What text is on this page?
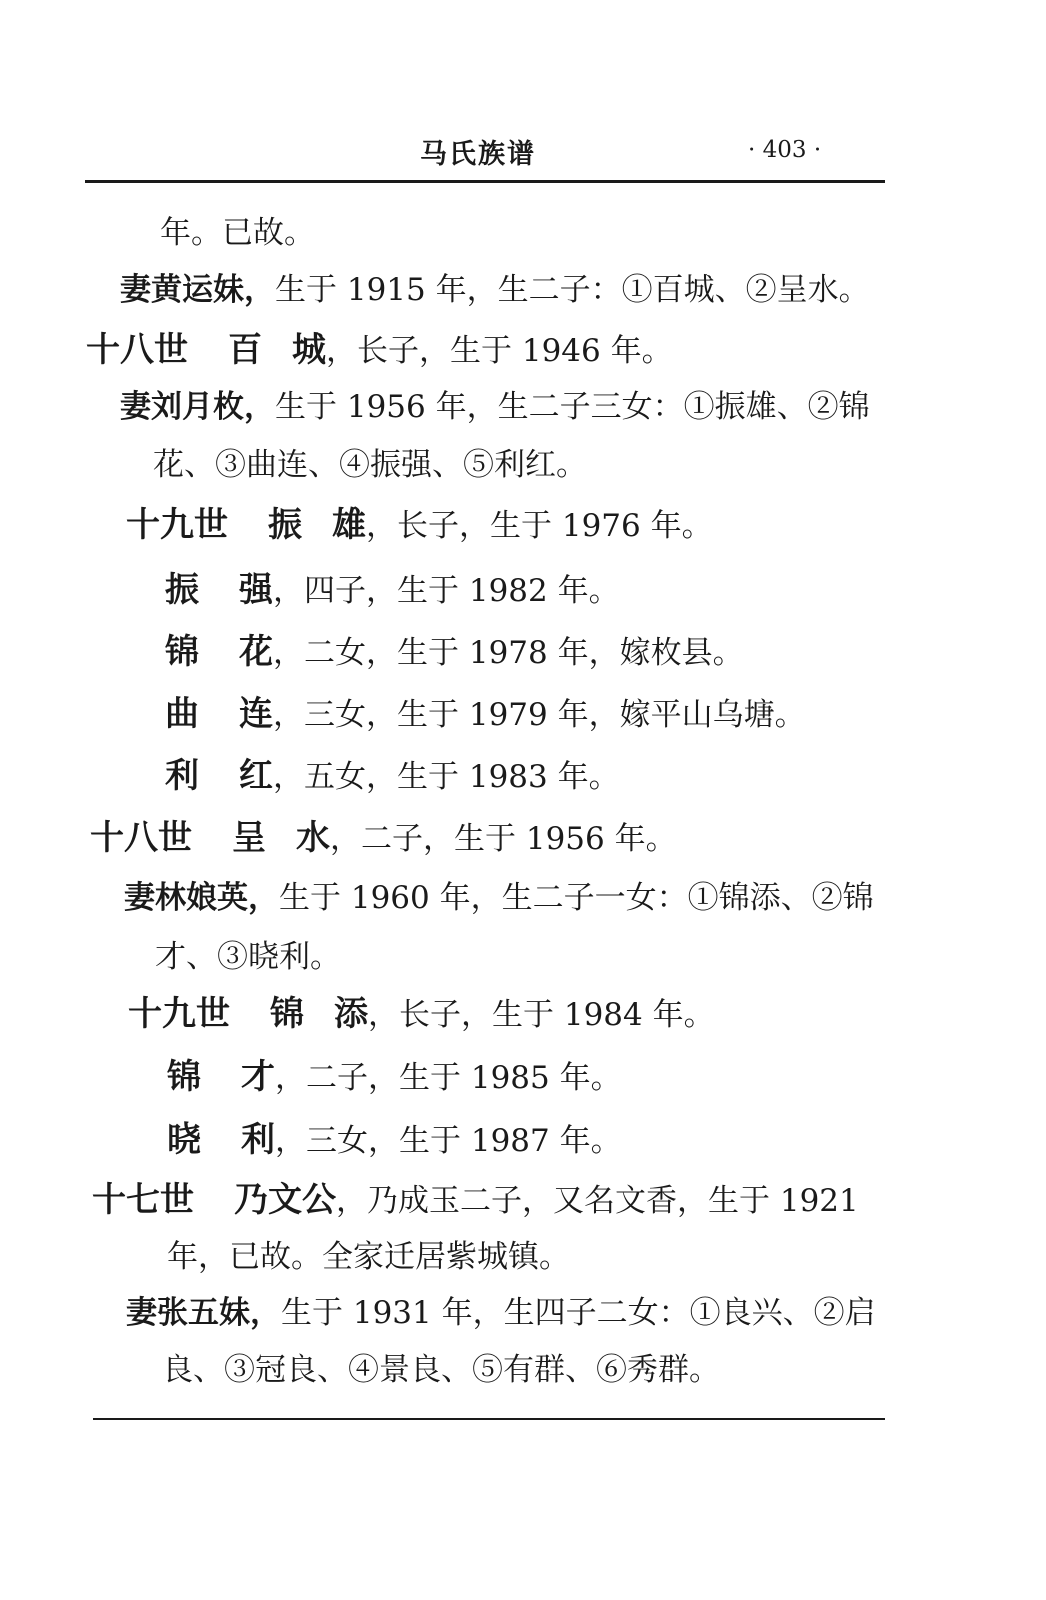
马氏族谱	· 403 ·
年。已故。
妻黄运妹，生于 1915 年，生二子：①百城、②呈水。
十八世 百 城，长子，生于 1946 年。
妻刘月枚，生于 1956 年，生二子三女：①振雄、②锦
花、③曲连、④振强、⑤利红。
十九世 振 雄，长子，生于 1976 年。
振 强，四子，生于 1982 年。
锦 花，二女，生于 1978 年，嫁枚县。
曲 连，三女，生于 1979 年，嫁平山乌塘。
利 红，五女，生于 1983 年。
十八世 呈 水，二子，生于 1956 年。
妻林娘英，生于 1960 年，生二子一女：①锦添、②锦
才、③晓利。
十九世 锦 添，长子，生于 1984 年。
锦 才，二子，生于 1985 年。
晓 利，三女，生于 1987 年。
十七世 乃文公，乃成玉二子，又名文香，生于 1921
年，已故。全家迁居紫城镇。
妻张五妹，生于 1931 年，生四子二女：①良兴、②启
良、③冠良、④景良、⑤有群、⑥秀群。
